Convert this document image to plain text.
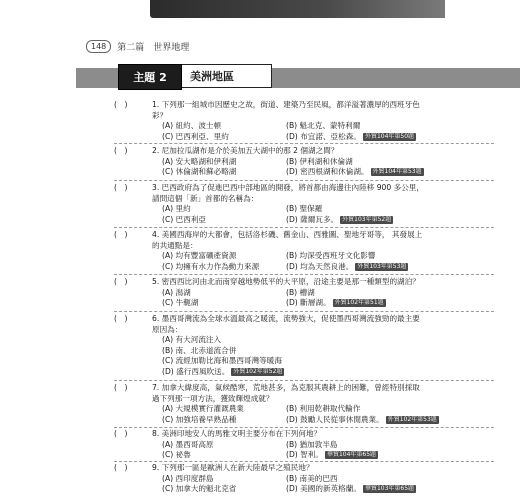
148	第二篇　世界地理
主題 2	美洲地區
(　)	1. 下列那一組城市因歷史之故，街道、建築乃至民風，都洋溢著濃厚的西班牙色
彩？
(A) 紐約、波士頓	(B) 魁北克、蒙特利爾
(C) 巴西利亞、里約	(D) 布宜諾、亞松森。 外貿104年第50題
(　)	2. 尼加拉瓜湖布是介於美加五大湖中的那 2 個湖之間？
(A) 安大略湖和伊利湖	(B) 伊利湖和休倫湖
(C) 休倫湖和蘇必略湖	(D) 密西根湖和休倫湖。 外貿104年第53題
(　)	3. 巴西政府為了促進巴西中部地區的開發，將首都由海邊往內陸移 900 多公里，
請問這個「新」首都的名稱為：
(A) 里約	(B) 聖保羅
(C) 巴西利亞	(D) 薩爾瓦多。 外貿103年第52題
(　)	4. 美國西海岸的大都會，包括洛杉磯、舊金山、西雅圖、聖地牙哥等， 其發展上
的共通點是：
(A) 均有豐富礦產資源	(B) 均深受西班牙文化影響
(C) 均擁有水力作為動力來源	(D) 均為天然良港。 外貿103年第53題
(　)	5. 密西西比河由北而南穿越地勢低平的大平原，沿途主要是那一種類型的湖泊？
(A) 潟湖	(B) 槽湖
(C) 牛軛湖	(D) 斷層湖。 外貿102年第51題
(　)	6. 墨西哥灣流為全球水溫最高之暖流，流勢強大，促使墨西哥灣流強勁的最主要
原因為：
(A) 有大河流注入
(B) 南、北赤道流合併
(C) 流經加勒比海和墨西哥灣等暖海
(D) 盛行西風吹送。 外貿102年第52題
(　)	7. 加拿大緯度高，氣候酷寒，荒地甚多，為克服其農耕上的困難，曾經特別採取
過下列那一項方法，獲致輝煌成就？
(A) 大規模實行灌溉農業	(B) 利用乾耕取代輪作
(C) 加強培養早熟品種	(D) 鼓勵人民從事休閒農業。 外貿102年第53題
(　)	8. 美洲印地安人的馬雅文明主要分布在下列何地？
(A) 墨西哥高原	(B) 猶加敦半島
(C) 祕魯	(D) 智利。 華貿104年第65題
(　)	9. 下列那一區是歐洲人在新大陸最早之殖民地？
(A) 西印度群島	(B) 南美的巴西
(C) 加拿大的魁北克省	(D) 美國的新英格蘭。 華貿103年第65題
